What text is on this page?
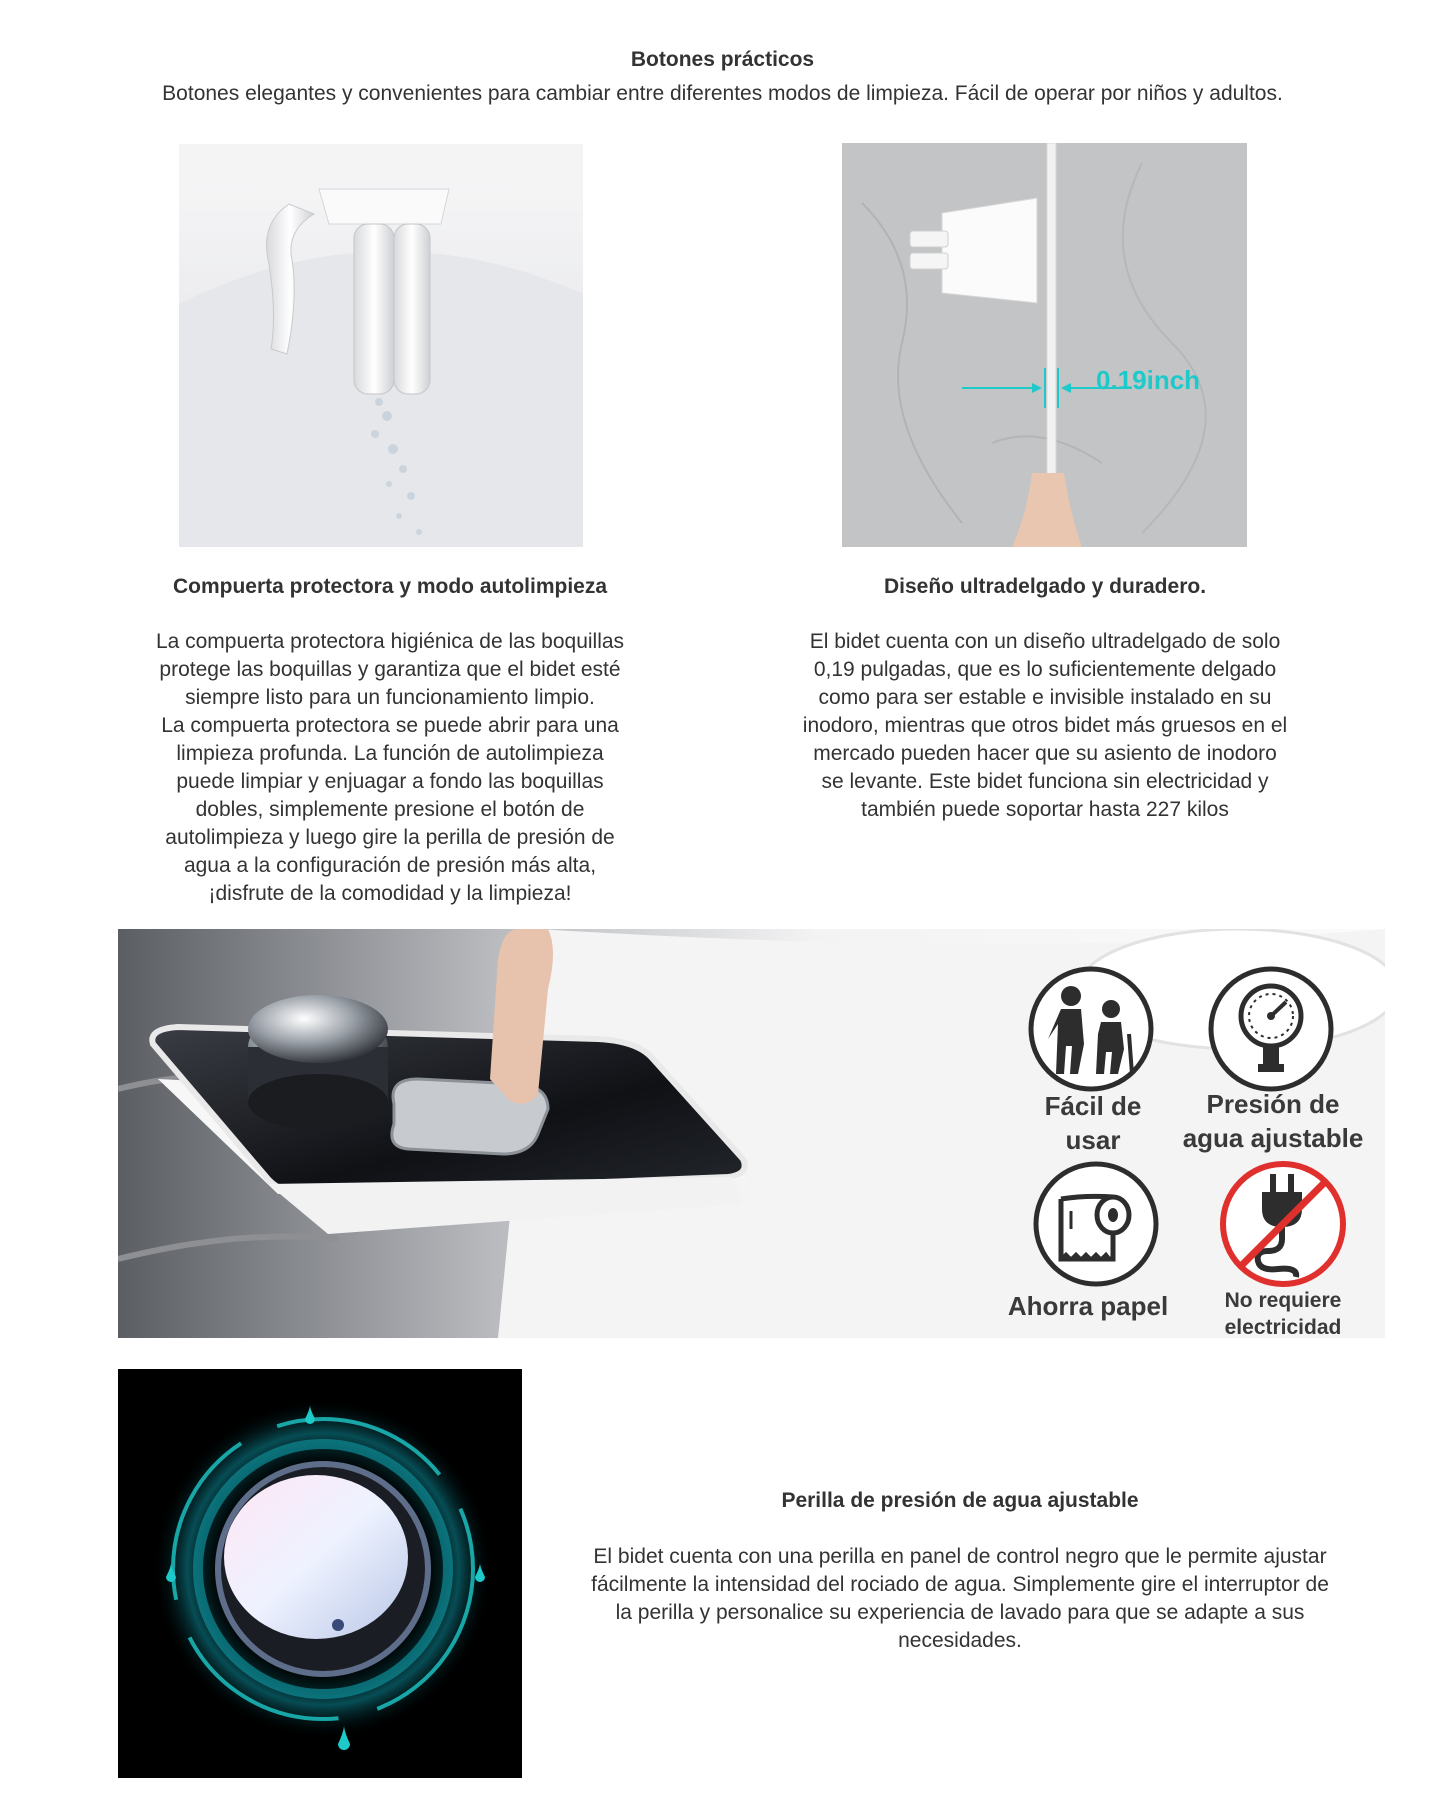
Botones prácticos
Botones elegantes y convenientes para cambiar entre diferentes modos de limpieza. Fácil de operar por niños y adultos.
0.19inch
Compuerta protectora y modo autolimpieza
La compuerta protectora higiénica de las boquillas
protege las boquillas y garantiza que el bidet esté
siempre listo para un funcionamiento limpio.
La compuerta protectora se puede abrir para una
limpieza profunda. La función de autolimpieza
puede limpiar y enjuagar a fondo las boquillas
dobles, simplemente presione el botón de
autolimpieza y luego gire la perilla de presión de
agua a la configuración de presión más alta,
¡disfrute de la comodidad y la limpieza!
Diseño ultradelgado y duradero.
El bidet cuenta con un diseño ultradelgado de solo
0,19 pulgadas, que es lo suficientemente delgado
como para ser estable e invisible instalado en su
inodoro, mientras que otros bidet más gruesos en el
mercado pueden hacer que su asiento de inodoro
se levante. Este bidet funciona sin electricidad y
también puede soportar hasta 227 kilos
Fácil de
usar
Presión de
agua ajustable
Ahorra papel	No requiere
electricidad
Perilla de presión de agua ajustable
El bidet cuenta con una perilla en panel de control negro que le permite ajustar
fácilmente la intensidad del rociado de agua. Simplemente gire el interruptor de
la perilla y personalice su experiencia de lavado para que se adapte a sus
necesidades.
